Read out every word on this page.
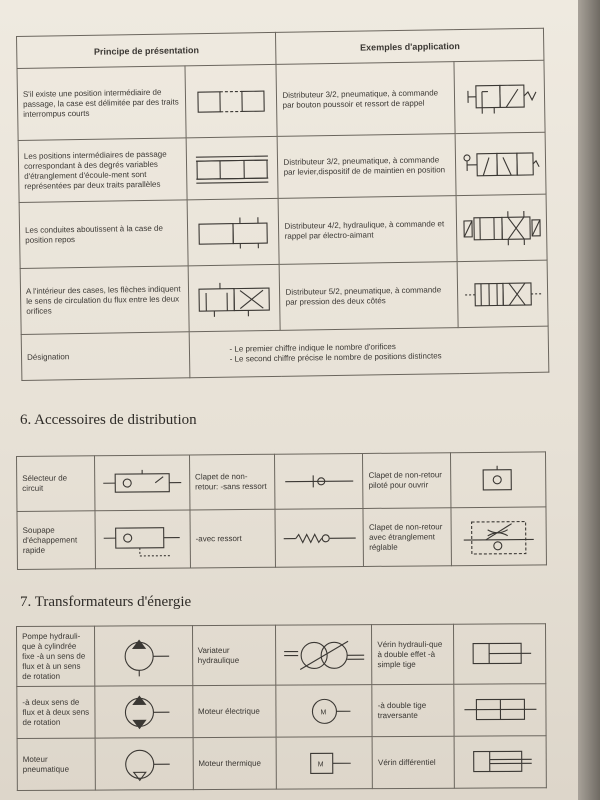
Principe de présentation		Exemples d'application	
S'il existe une position intermédiaire de passage, la case est délimitée par des traits interrompus courts		Distributeur 3/2, pneumatique, à commande par bouton poussoir et ressort de rappel	

Les positions intermédiaires de passage correspondant à des degrés variables d'étranglement d'écoule-ment sont représentées par deux traits parallèles		Distributeur 3/2, pneumatique, à commande par levier,dispositif de de maintien en position	

Les conduites aboutissent à la case de position repos		Distributeur 4/2, hydraulique, à commande et rappel par électro-aimant	

A l'intérieur des cases, les flèches indiquent le sens de circulation du flux entre les deux orifices		Distributeur 5/2, pneumatique, à commande par pression des deux côtés	

Désignation	- Le premier chiffre indique le nombre d'orifices
- Le second chiffre précise le nombre de positions distinctes		
6. Accessoires de distribution
Sélecteur de circuit		Clapet de non-retour: -sans ressort		Clapet de non-retour piloté pour ouvrir	

Soupape d'échappement rapide		-avec ressort		Clapet de non-retour avec étranglement réglable	
7. Transformateurs d'énergie
Pompe hydrauli-que à cylindrée fixe -à un sens de flux et à un sens de rotation		Variateur hydraulique		Vérin hydrauli-que à double effet -à simple tige	

-à deux sens de flux et à deux sens de rotation		Moteur électrique	M	-à double tige traversante	

Moteur pneumatique		Moteur thermique	M	Vérin différentiel	
